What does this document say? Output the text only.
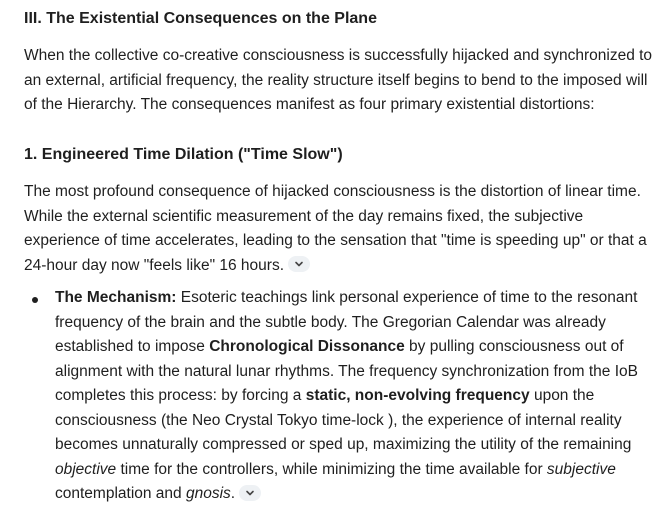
III. The Existential Consequences on the Plane

When the collective co-creative consciousness is successfully hijacked and synchronized to an external, artificial frequency, the reality structure itself begins to bend to the imposed will of the Hierarchy. The consequences manifest as four primary existential distortions:

1. Engineered Time Dilation ("Time Slow")

The most profound consequence of hijacked consciousness is the distortion of linear time. While the external scientific measurement of the day remains fixed, the subjective experience of time accelerates, leading to the sensation that "time is speeding up" or that a 24-hour day now "feels like" 16 hours.

The Mechanism: Esoteric teachings link personal experience of time to the resonant frequency of the brain and the subtle body. The Gregorian Calendar was already established to impose Chronological Dissonance by pulling consciousness out of alignment with the natural lunar rhythms. The frequency synchronization from the IoB completes this process: by forcing a static, non-evolving frequency upon the consciousness (the Neo Crystal Tokyo time-lock ), the experience of internal reality becomes unnaturally compressed or sped up, maximizing the utility of the remaining objective time for the controllers, while minimizing the time available for subjective contemplation and gnosis.
